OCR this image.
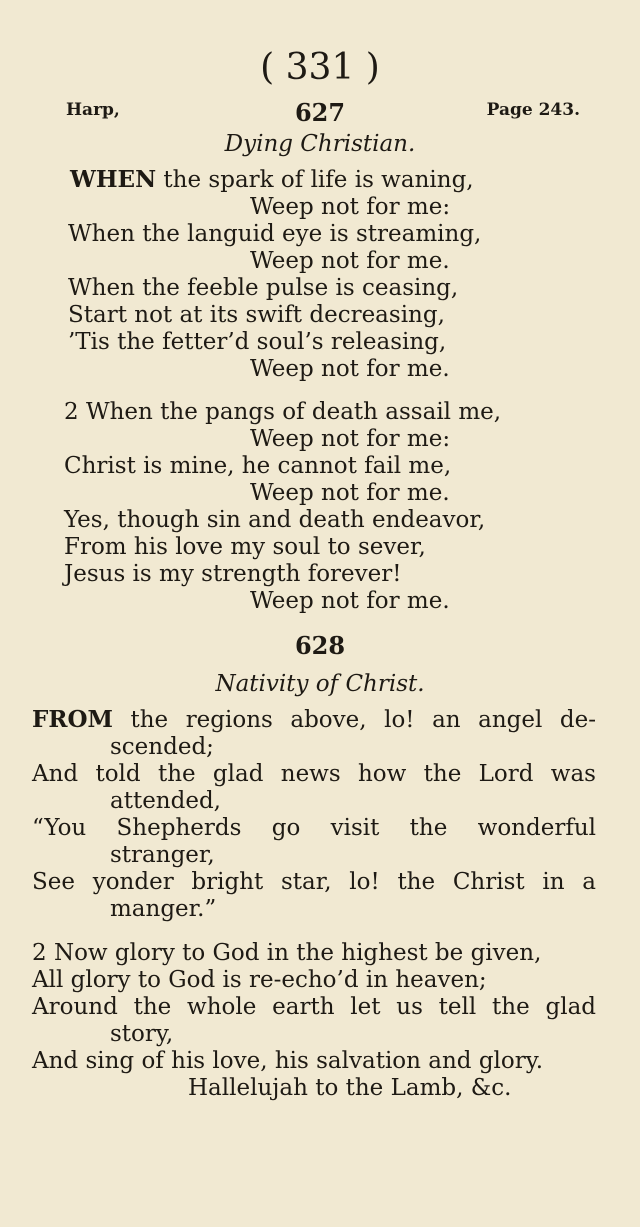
( 331 )
Harp,	Page 243.
627
Dying Christian.
WHEN the spark of life is waning,
Weep not for me:
When the languid eye is streaming,
Weep not for me.
When the feeble pulse is ceasing,
Start not at its swift decreasing,
’Tis the fetter’d soul’s releasing,
Weep not for me.
2 When the pangs of death assail me,
Weep not for me:
Christ is mine, he cannot fail me,
Weep not for me.
Yes, though sin and death endeavor,
From his love my soul to sever,
Jesus is my strength forever!
Weep not for me.
628
Nativity of Christ.
FROM the regions above, lo! an angel de-
scended;
And told the glad news how the Lord was
attended,
“You Shepherds go visit the wonderful
stranger,
See yonder bright star, lo! the Christ in a
manger.”
2 Now glory to God in the highest be given,
All glory to God is re-echo’d in heaven;
Around the whole earth let us tell the glad
story,
And sing of his love, his salvation and glory.
Hallelujah to the Lamb, &c.
